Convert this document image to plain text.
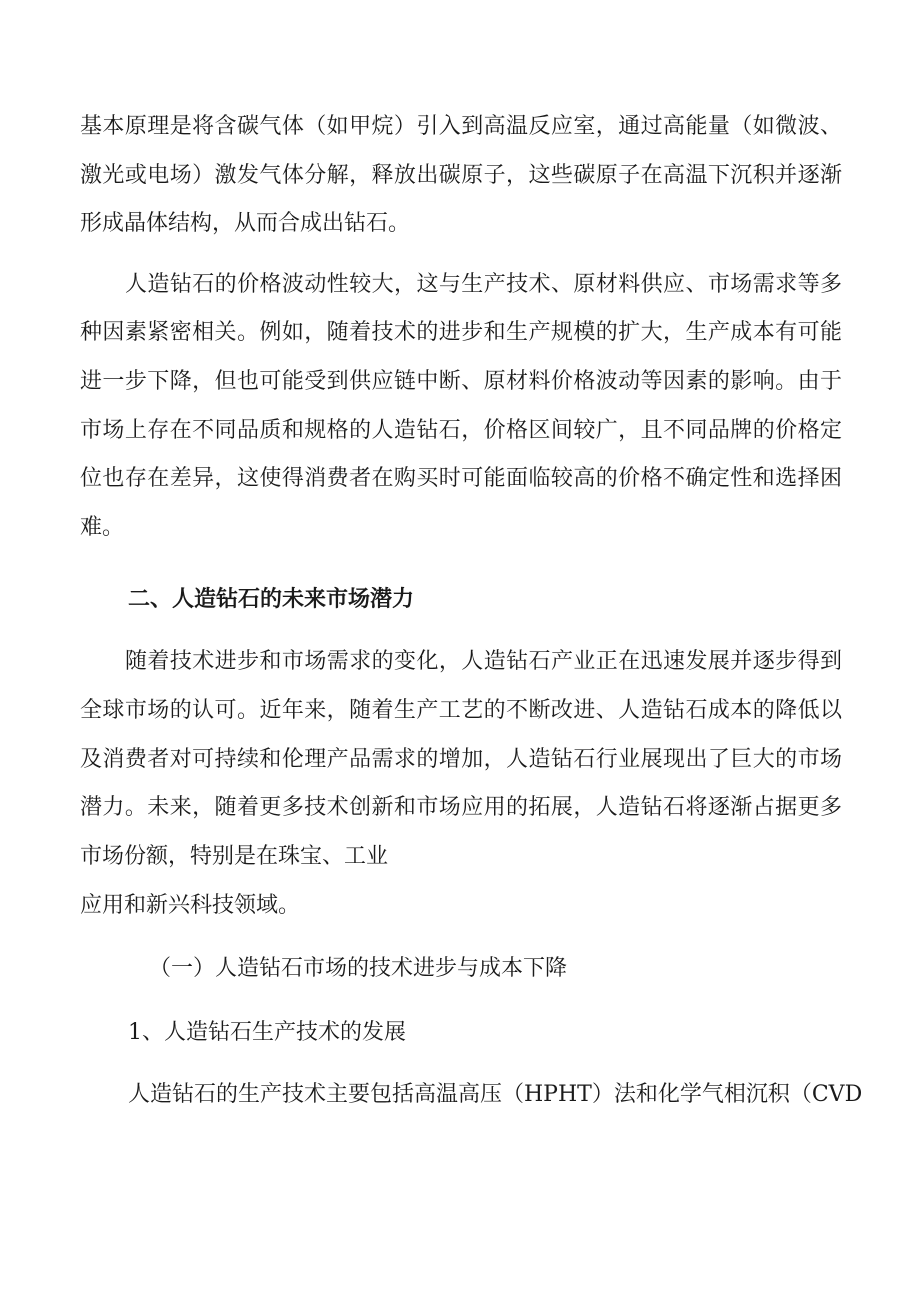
基本原理是将含碳气体（如甲烷）引入到高温反应室，通过高能量（如微波、激光或电场）激发气体分解，释放出碳原子，这些碳原子在高温下沉积并逐渐形成晶体结构，从而合成出钻石。

人造钻石的价格波动性较大，这与生产技术、原材料供应、市场需求等多种因素紧密相关。例如，随着技术的进步和生产规模的扩大，生产成本有可能进一步下降，但也可能受到供应链中断、原材料价格波动等因素的影响。由于市场上存在不同品质和规格的人造钻石，价格区间较广，且不同品牌的价格定位也存在差异，这使得消费者在购买时可能面临较高的价格不确定性和选择困难。

二、人造钻石的未来市场潜力

随着技术进步和市场需求的变化，人造钻石产业正在迅速发展并逐步得到全球市场的认可。近年来，随着生产工艺的不断改进、人造钻石成本的降低以及消费者对可持续和伦理产品需求的增加，人造钻石行业展现出了巨大的市场潜力。未来，随着更多技术创新和市场应用的拓展，人造钻石将逐渐占据更多市场份额，特别是在珠宝、工业

应用和新兴科技领域。

（一）人造钻石市场的技术进步与成本下降

1、人造钻石生产技术的发展

人造钻石的生产技术主要包括高温高压（HPHT）法和化学气相沉积（CVD
